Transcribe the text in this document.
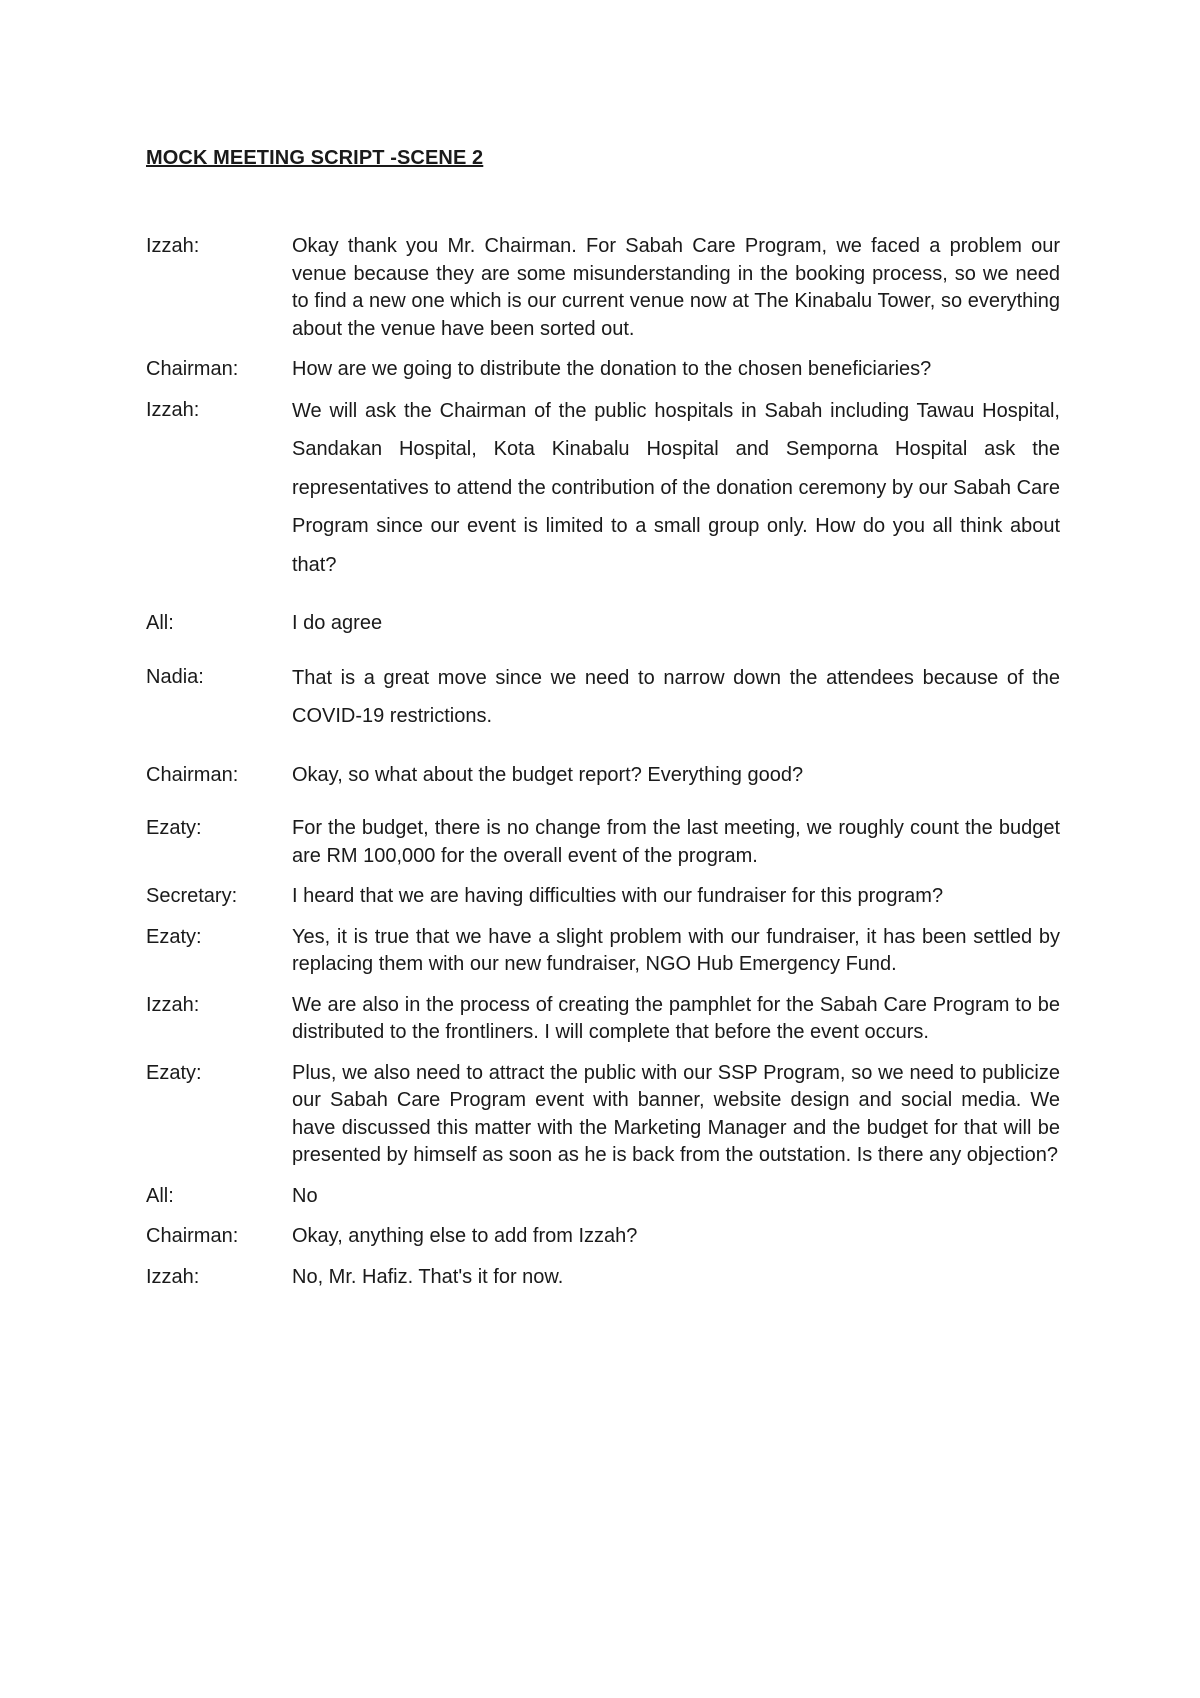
MOCK MEETING SCRIPT -SCENE 2
Izzah:	Okay thank you Mr. Chairman. For Sabah Care Program, we faced a problem our venue because they are some misunderstanding in the booking process, so we need to find a new one which is our current venue now at The Kinabalu Tower, so everything about the venue have been sorted out.
Chairman:	How are we going to distribute the donation to the chosen beneficiaries?
Izzah:	We will ask the Chairman of the public hospitals in Sabah including Tawau Hospital, Sandakan Hospital, Kota Kinabalu Hospital and Semporna Hospital ask the representatives to attend the contribution of the donation ceremony by our Sabah Care Program since our event is limited to a small group only. How do you all think about that?
All:	I do agree
Nadia:	That is a great move since we need to narrow down the attendees because of the COVID-19 restrictions.
Chairman:	Okay, so what about the budget report? Everything good?
Ezaty:	For the budget, there is no change from the last meeting, we roughly count the budget are RM 100,000 for the overall event of the program.
Secretary:	I heard that we are having difficulties with our fundraiser for this program?
Ezaty:	Yes, it is true that we have a slight problem with our fundraiser, it has been settled by replacing them with our new fundraiser, NGO Hub Emergency Fund.
Izzah:	We are also in the process of creating the pamphlet for the Sabah Care Program to be distributed to the frontliners. I will complete that before the event occurs.
Ezaty:	Plus, we also need to attract the public with our SSP Program, so we need to publicize our Sabah Care Program event with banner, website design and social media. We have discussed this matter with the Marketing Manager and the budget for that will be presented by himself as soon as he is back from the outstation. Is there any objection?
All:	No
Chairman:	Okay, anything else to add from Izzah?
Izzah:	No, Mr. Hafiz. That's it for now.
